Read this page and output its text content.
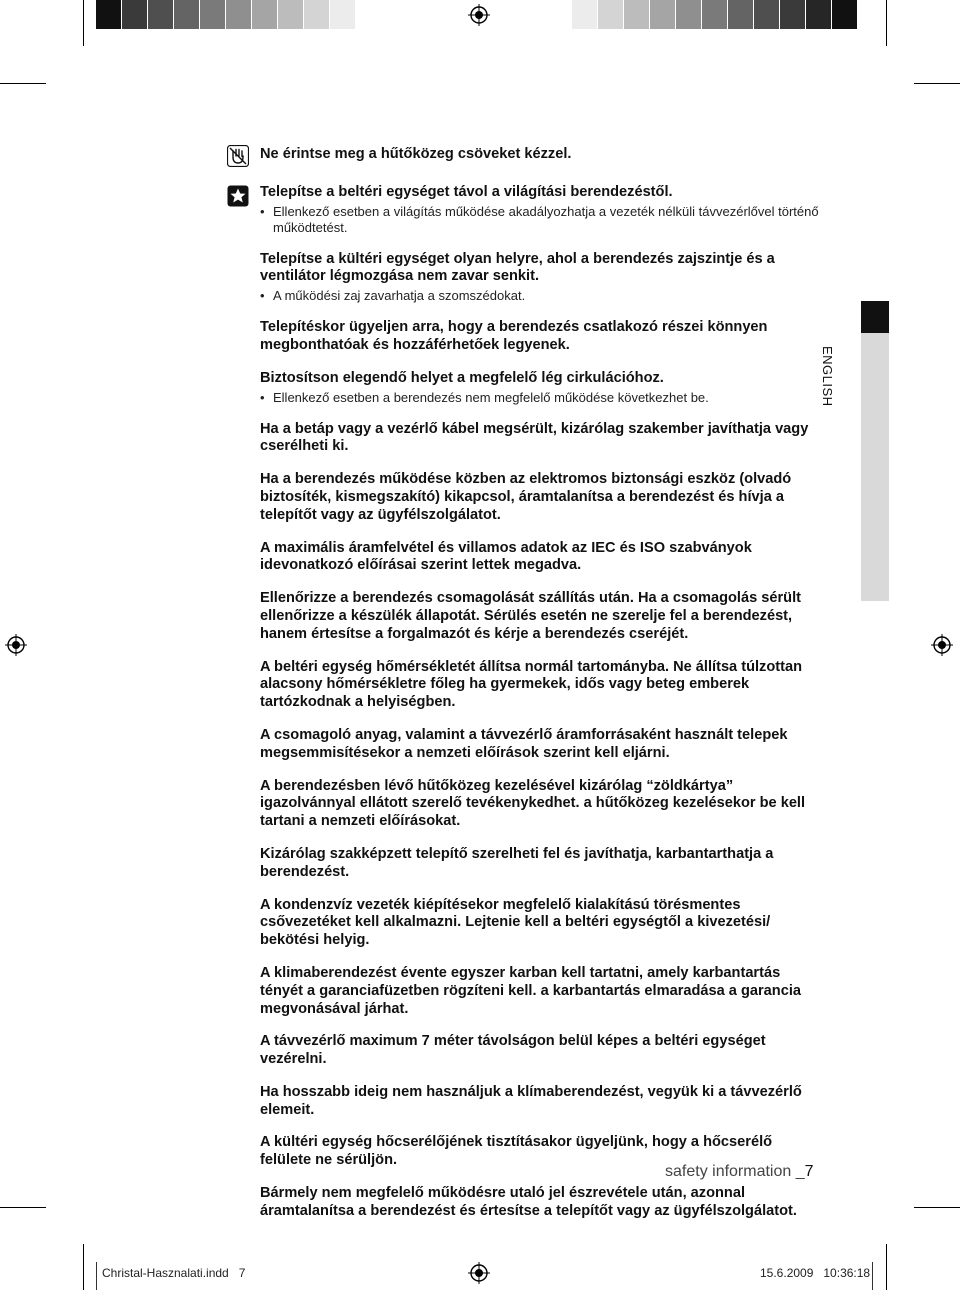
Ne érintse meg a hűtőközeg csöveket kézzel.

Telepítse a beltéri egységet távol a világítási berendezéstől.

• Ellenkező esetben a világítás működése akadályozhatja a vezeték nélküli távvezérlővel történő működtetést.

Telepítse a kültéri egységet olyan helyre, ahol a berendezés zajszintje és a ventilátor légmozgása nem zavar senkit.

• A működési zaj zavarhatja a szomszédokat.

Telepítéskor ügyeljen arra, hogy a berendezés csatlakozó részei könnyen megbonthatóak és hozzáférhetőek legyenek.

Biztosítson elegendő helyet a megfelelő lég cirkulációhoz.

• Ellenkező esetben a berendezés nem megfelelő működése következhet be.

Ha a betáp vagy a vezérlő kábel megsérült, kizárólag szakember javíthatja vagy cserélheti ki.

Ha a berendezés működése közben az elektromos biztonsági eszköz (olvadó biztosíték, kismegszakító) kikapcsol, áramtalanítsa a berendezést és hívja a telepítőt vagy az ügyfélszolgálatot.

A maximális áramfelvétel és villamos adatok az IEC és ISO szabványok idevonatkozó előírásai szerint lettek megadva.

Ellenőrizze a berendezés csomagolását szállítás után. Ha a csomagolás sérült ellenőrizze a készülék állapotát. Sérülés esetén ne szerelje fel a berendezést, hanem értesítse a forgalmazót és kérje a berendezés cseréjét.

A beltéri egység hőmérsékletét állítsa normál tartományba. Ne állítsa túlzottan alacsony hőmérsékletre főleg ha gyermekek, idős vagy beteg emberek tartózkodnak a helyiségben.

A csomagoló anyag, valamint a távvezérlő áramforrásaként használt telepek megsemmisítésekor a nemzeti előírások szerint kell eljárni.

A berendezésben lévő hűtőközeg kezelésével kizárólag “zöldkártya” igazolvánnyal ellátott szerelő tevékenykedhet. a hűtőközeg kezelésekor be kell tartani a nemzeti előírásokat.

Kizárólag szakképzett telepítő szerelheti fel és javíthatja, karbantarthatja a berendezést.

A kondenzvíz vezeték kiépítésekor megfelelő kialakítású törésmentes csővezetéket kell alkalmazni. Lejtenie kell a beltéri egységtől a kivezetési/ bekötési helyig.

A klimaberendezést évente egyszer karban kell tartatni, amely karbantartás tényét a garanciafüzetben rögzíteni kell. a karbantartás elmaradása a garancia megvonásával járhat.

A távvezérlő maximum 7 méter távolságon belül képes a beltéri egységet vezérelni.

Ha hosszabb ideig nem használjuk a klímaberendezést, vegyük ki a távvezérlő elemeit.

A kültéri egység hőcserélőjének tisztításakor ügyeljünk, hogy a hőcserélő felülete ne sérüljön.

Bármely nem megfelelő működésre utaló jel észrevétele után, azonnal áramtalanítsa a berendezést és értesítse a telepítőt vagy az ügyfélszolgálatot.

ENGLISH
safety information _7
Christal-Hasznalati.indd   7	15.6.2009   10:36:18
